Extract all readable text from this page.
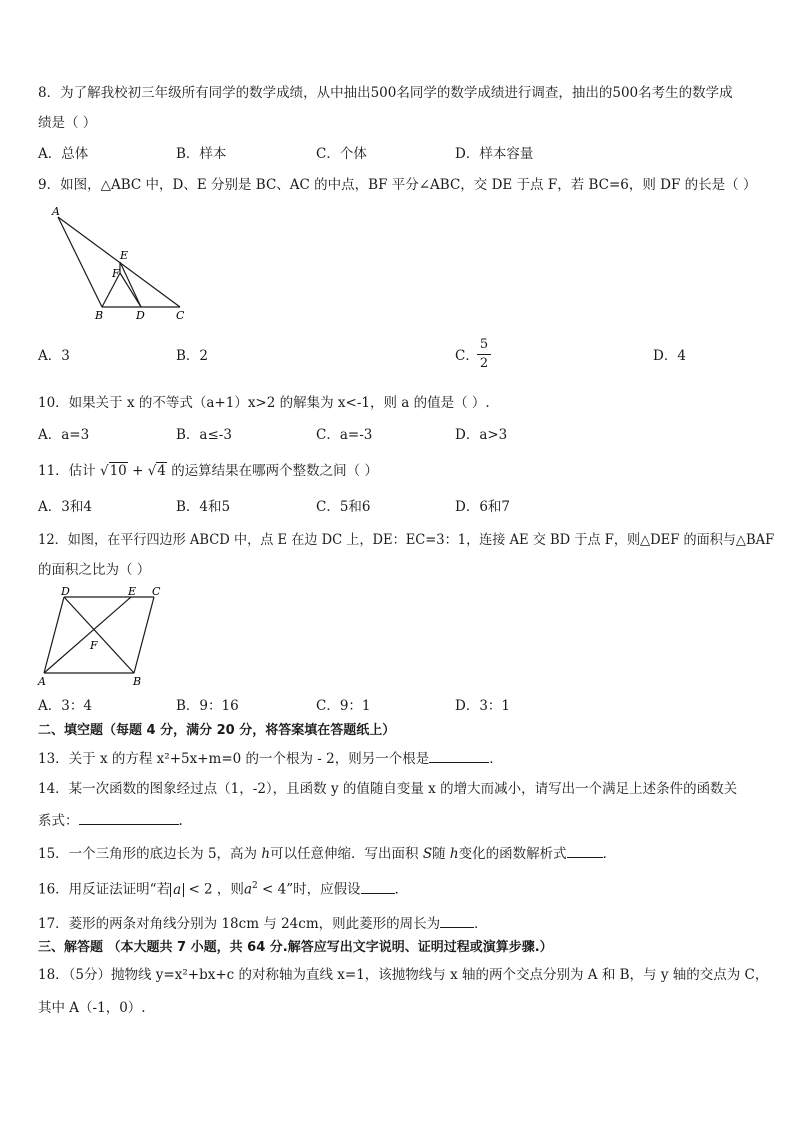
8．为了解我校初三年级所有同学的数学成绩，从中抽出500名同学的数学成绩进行调查，抽出的500名考生的数学成
绩是（ ）
A．总体	B．样本	C．个体	D．样本容量
9．如图，△ABC 中，D、E 分别是 BC、AC 的中点，BF 平分∠ABC，交 DE 于点 F，若 BC=6，则 DF 的长是（ ）
A
E
F
B	D	C
A．3	B．2	C．
5
2	D．4
10．如果关于 x 的不等式（a+1）x>2 的解集为 x<-1，则 a 的值是（ ）.
A．a=3	B．a≤-3	C．a=-3	D．a>3
11．估计 √10 + √4 的运算结果在哪两个整数之间（ ）
A．3和4	B．4和5	C．5和6	D．6和7
12．如图，在平行四边形 ABCD 中，点 E 在边 DC 上，DE：EC=3：1，连接 AE 交 BD 于点 F，则△DEF 的面积与△BAF
的面积之比为（ ）
D	E C
F
A	B
A．3：4	B．9：16	C．9：1	D．3：1
二、填空题（每题 4 分，满分 20 分，将答案填在答题纸上）
13．关于 x 的方程 x²+5x+m=0 的一个根为 - 2，则另一个根是	．
14．某一次函数的图象经过点（1，-2），且函数 y 的值随自变量 x 的增大而减小，请写出一个满足上述条件的函数关
系式：	.
15．一个三角形的底边长为 5，高为 h可以任意伸缩．写出面积 S随 h变化的函数解析式	．
16．用反证法证明“若 a < 2 ，则$a^2 < 4$”时，应假设	．
17．菱形的两条对角线分别为 18cm 与 24cm，则此菱形的周长为	．
三、解答题 （本大题共 7 小题，共 64 分.解答应写出文字说明、证明过程或演算步骤.）
18．（5分）抛物线 y=x²+bx+c 的对称轴为直线 x=1，该抛物线与 x 轴的两个交点分别为 A 和 B，与 y 轴的交点为 C，
其中 A（-1，0）.
